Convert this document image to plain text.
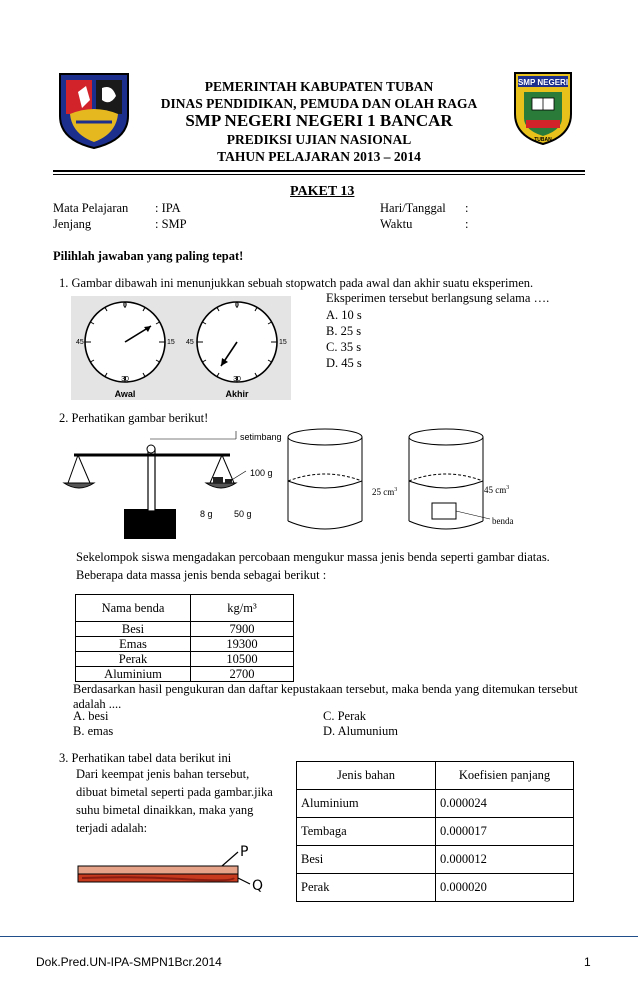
SMP NEGERI
TUBAN
PEMERINTAH KABUPATEN TUBAN
DINAS PENDIDIKAN, PEMUDA DAN OLAH RAGA
SMP NEGERI NEGERI 1 BANCAR
PREDIKSI UJIAN NASIONAL
TAHUN PELAJARAN 2013 – 2014
PAKET 13
Mata Pelajaran : IPA	Hari/Tanggal :
Jenjang	: SMP	Waktu	:
Pilihlah jawaban yang paling tepat!
1. Gambar dibawah ini menunjukkan sebuah stopwatch pada awal dan akhir suatu eksperimen.
Eksperimen tersebut berlangsung selama ….
A. 10 s
B. 25 s
C. 35 s
D. 45 s
0
45	15
30
Awal
0
45	15
30
Akhir
2. Perhatikan gambar berikut!
setimbang
100 g
8 g 50 g
25 $cm^3$	45 $cm^3$
benda
Sekelompok siswa mengadakan percobaan mengukur massa jenis benda seperti gambar diatas.
Beberapa data massa jenis benda sebagai berikut :
Nama benda	kg/m³
Besi	7900
Emas	19300
Perak	10500
Aluminium	2700
Berdasarkan hasil pengukuran dan daftar kepustakaan tersebut, maka benda yang ditemukan tersebut
adalah ....
A. besi
B. emas
C. Perak
D. Alumunium
3. Perhatikan tabel data berikut ini
Dari keempat jenis bahan tersebut,
dibuat bimetal seperti pada gambar.jika
suhu bimetal dinaikkan, maka yang
terjadi adalah:
Jenis bahan	Koefisien panjang
Aluminium	0.000024
Tembaga	0.000017
Besi	0.000012
Perak	0.000020
P
Q
Dok.Pred.UN-IPA-SMPN1Bcr.2014	1
